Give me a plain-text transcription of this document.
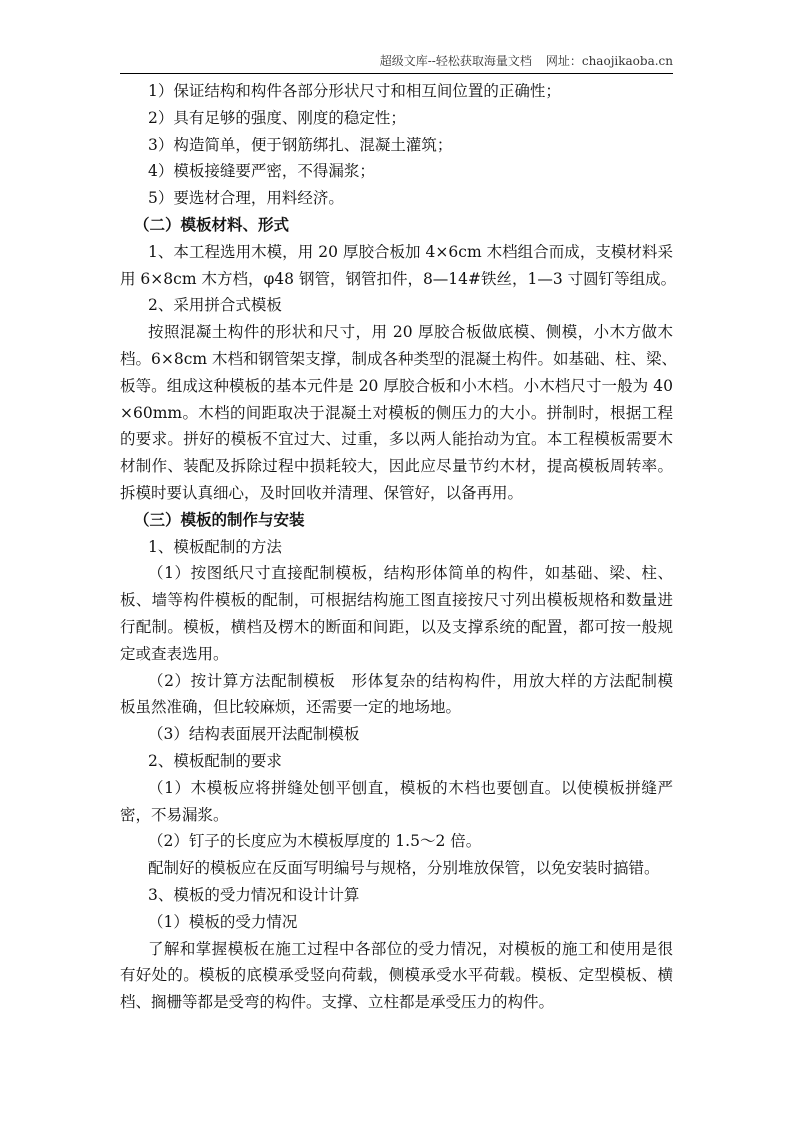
超级文库--轻松获取海量文档 网址：chaojikaoba.cn
1）保证结构和构件各部分形状尺寸和相互间位置的正确性；
2）具有足够的强度、刚度的稳定性；
3）构造简单，便于钢筋绑扎、混凝土灌筑；
4）模板接缝要严密，不得漏浆；
5）要选材合理，用料经济。
（二）模板材料、形式
1、本工程选用木模，用 20 厚胶合板加 4×6cm 木档组合而成，支模材料采
用 6×8cm 木方档，φ48 钢管，钢管扣件，8—14#铁丝，1—3 寸圆钉等组成。
2、采用拼合式模板
按照混凝土构件的形状和尺寸，用 20 厚胶合板做底模、侧模，小木方做木
档。6×8cm 木档和钢管架支撑，制成各种类型的混凝土构件。如基础、柱、梁、
板等。组成这种模板的基本元件是 20 厚胶合板和小木档。小木档尺寸一般为 40
×60mm。木档的间距取决于混凝土对模板的侧压力的大小。拼制时，根据工程
的要求。拼好的模板不宜过大、过重，多以两人能抬动为宜。本工程模板需要木
材制作、装配及拆除过程中损耗较大，因此应尽量节约木材，提高模板周转率。
拆模时要认真细心，及时回收并清理、保管好，以备再用。
（三）模板的制作与安装
1、模板配制的方法
（1）按图纸尺寸直接配制模板，结构形体简单的构件，如基础、梁、柱、
板、墙等构件模板的配制，可根据结构施工图直接按尺寸列出模板规格和数量进
行配制。模板，横档及楞木的断面和间距，以及支撑系统的配置，都可按一般规
定或查表选用。
（2）按计算方法配制模板　形体复杂的结构构件，用放大样的方法配制模
板虽然准确，但比较麻烦，还需要一定的地场地。
（3）结构表面展开法配制模板
2、模板配制的要求
（1）木模板应将拼缝处刨平刨直，模板的木档也要刨直。以使模板拼缝严
密，不易漏浆。
（2）钉子的长度应为木模板厚度的 1.5～2 倍。
配制好的模板应在反面写明编号与规格，分别堆放保管，以免安装时搞错。
3、模板的受力情况和设计计算
（1）模板的受力情况
了解和掌握模板在施工过程中各部位的受力情况，对模板的施工和使用是很
有好处的。模板的底模承受竖向荷载，侧模承受水平荷载。模板、定型模板、横
档、搁栅等都是受弯的构件。支撑、立柱都是承受压力的构件。
